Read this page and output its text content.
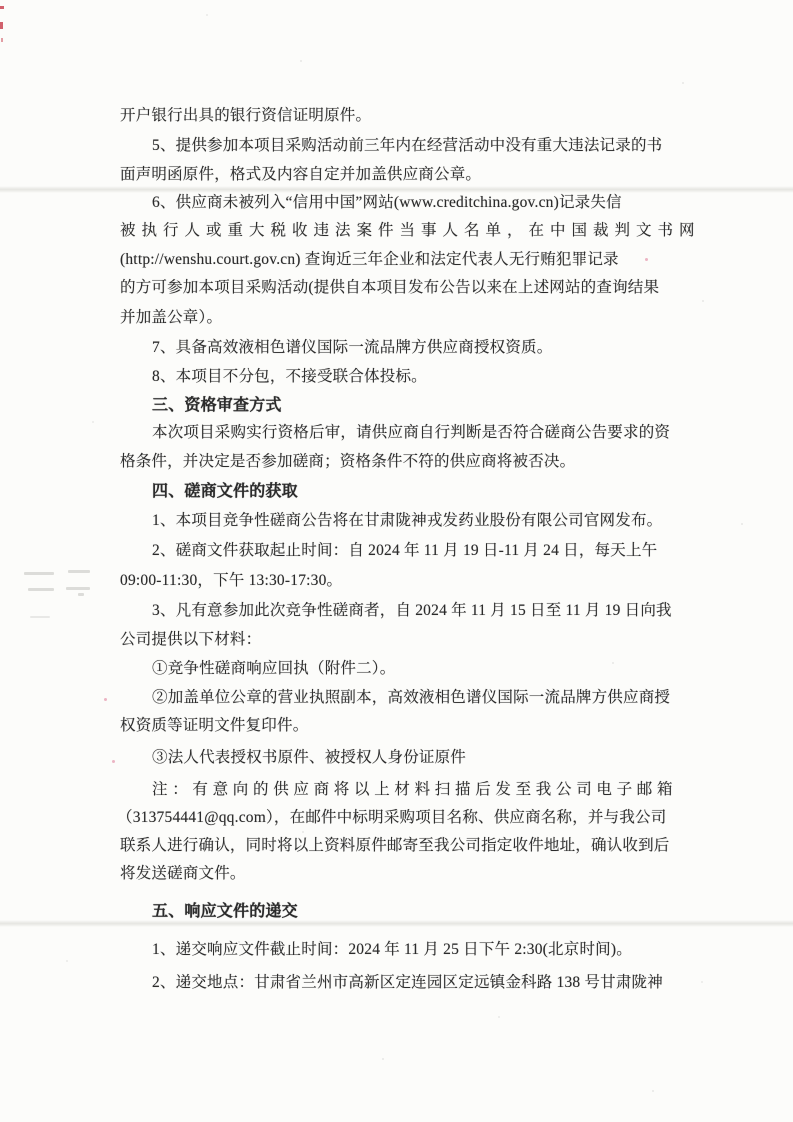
开户银行出具的银行资信证明原件。
5、提供参加本项目采购活动前三年内在经营活动中没有重大违法记录的书
面声明函原件，格式及内容自定并加盖供应商公章。
6、供应商未被列入“信用中国”网站(www.creditchina.gov.cn)记录失信
被执行人或重大税收违法案件当事人名单，在中国裁判文书网
(http://wenshu.court.gov.cn) 查询近三年企业和法定代表人无行贿犯罪记录
的方可参加本项目采购活动(提供自本项目发布公告以来在上述网站的查询结果
并加盖公章）。
7、具备高效液相色谱仪国际一流品牌方供应商授权资质。
8、本项目不分包，不接受联合体投标。
三、资格审查方式
本次项目采购实行资格后审，请供应商自行判断是否符合磋商公告要求的资
格条件，并决定是否参加磋商；资格条件不符的供应商将被否决。
四、磋商文件的获取
1、本项目竞争性磋商公告将在甘肃陇神戎发药业股份有限公司官网发布。
2、磋商文件获取起止时间：自 2024 年 11 月 19 日-11 月 24 日，每天上午
09:00-11:30，下午 13:30-17:30。
3、凡有意参加此次竞争性磋商者，自 2024 年 11 月 15 日至 11 月 19 日向我
公司提供以下材料：
①竞争性磋商响应回执（附件二）。
②加盖单位公章的营业执照副本，高效液相色谱仪国际一流品牌方供应商授
权资质等证明文件复印件。
③法人代表授权书原件、被授权人身份证原件
注：有意向的供应商将以上材料扫描后发至我公司电子邮箱
（313754441@qq.com），在邮件中标明采购项目名称、供应商名称，并与我公司
联系人进行确认，同时将以上资料原件邮寄至我公司指定收件地址，确认收到后
将发送磋商文件。
五、响应文件的递交
1、递交响应文件截止时间：2024 年 11 月 25 日下午 2:30(北京时间)。
2、递交地点：甘肃省兰州市高新区定连园区定远镇金科路 138 号甘肃陇神
